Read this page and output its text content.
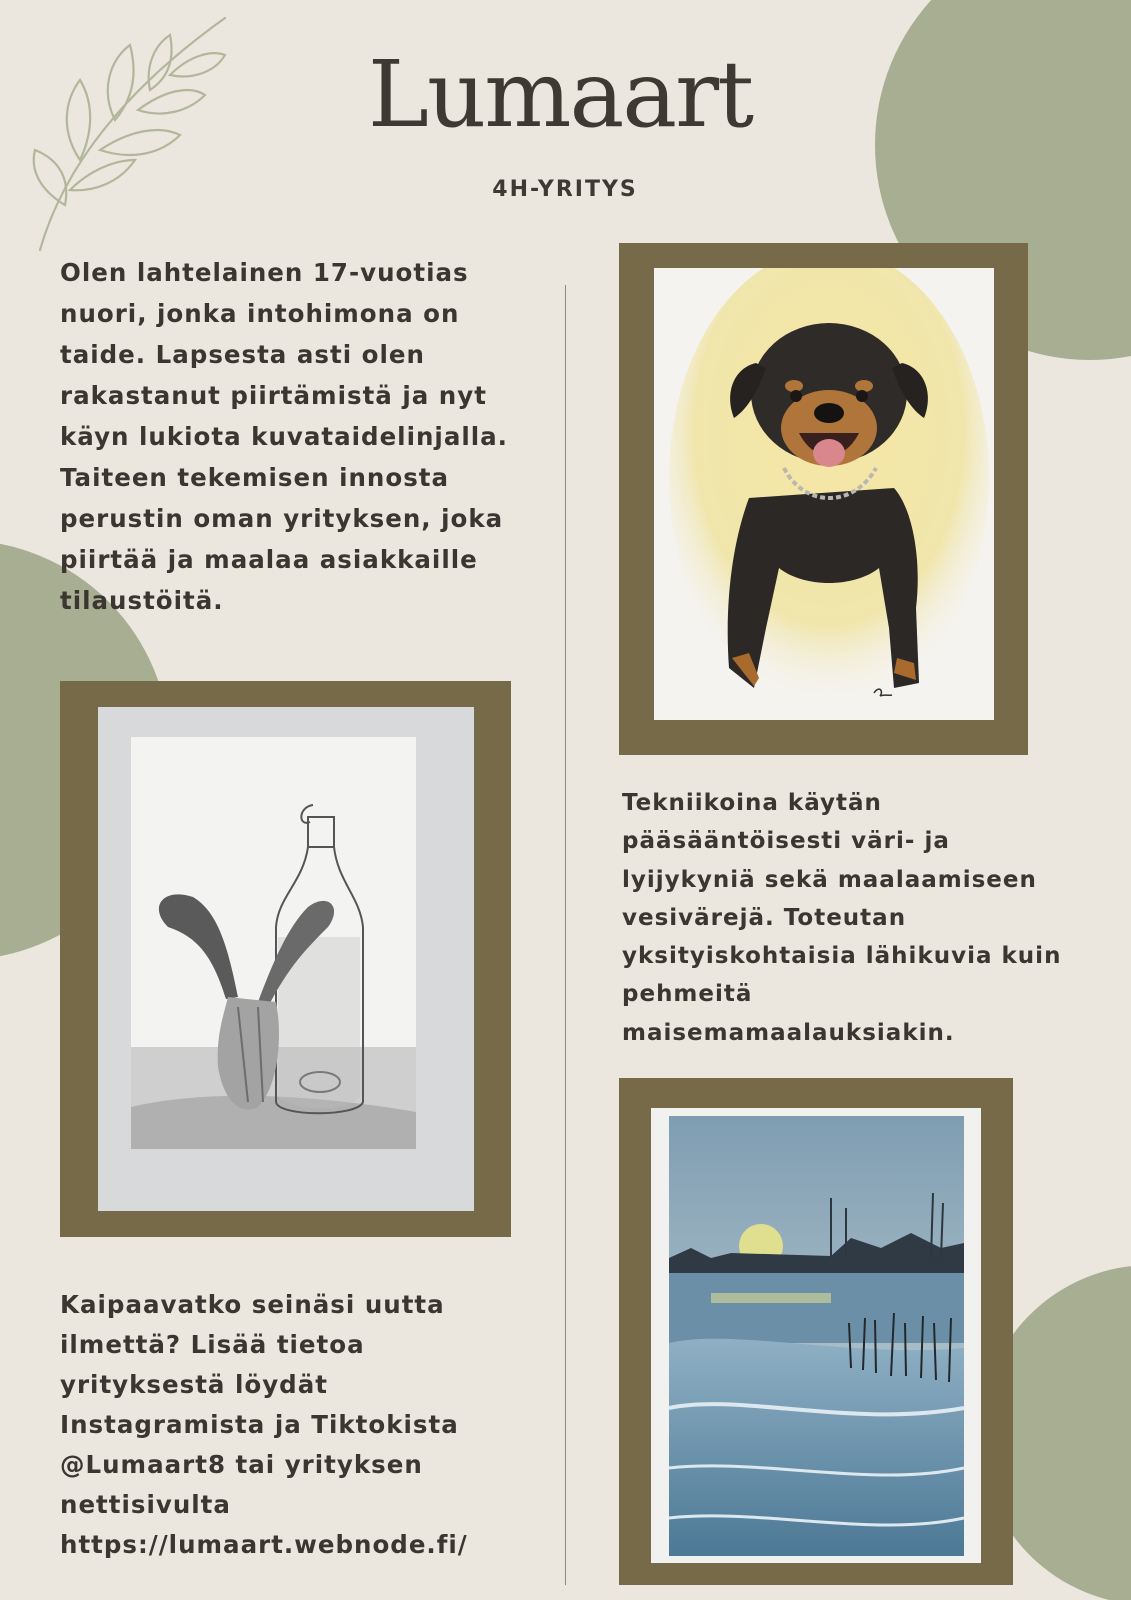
Lumaart
4H-YRITYS
Olen lahtelainen 17-vuotias nuori, jonka intohimona on taide. Lapsesta asti olen rakastanut piirtämistä ja nyt käyn lukiota kuvataidelinjalla. Taiteen tekemisen innosta perustin oman yrityksen, joka piirtää ja maalaa asiakkaille tilaustöitä.
Tekniikoina käytän pääsääntöisesti väri- ja lyijykyniä sekä maalaamiseen vesivärejä. Toteutan yksityiskohtaisia lähikuvia kuin pehmeitä maisemamaalauksiakin.
Kaipaavatko seinäsi uutta ilmettä? Lisää tietoa yrityksestä löydät Instagramista ja Tiktokista @Lumaart8 tai yrityksen nettisivulta https://lumaart.webnode.fi/
